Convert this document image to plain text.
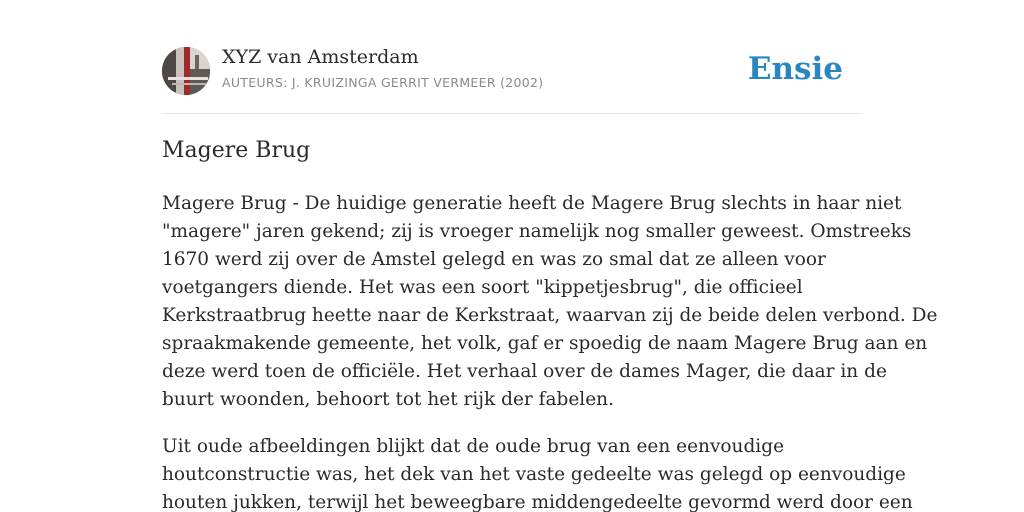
XYZ van Amsterdam
AUTEURS: J. KRUIZINGA GERRIT VERMEER (2002)	Ensie
Magere Brug

Magere Brug - De huidige generatie heeft de Magere Brug slechts in haar niet
"magere" jaren gekend; zij is vroeger namelijk nog smaller geweest. Omstreeks
1670 werd zij over de Amstel gelegd en was zo smal dat ze alleen voor
voetgangers diende. Het was een soort "kippetjesbrug", die officieel
Kerkstraatbrug heette naar de Kerkstraat, waarvan zij de beide delen verbond. De
spraakmakende gemeente, het volk, gaf er spoedig de naam Magere Brug aan en
deze werd toen de officiële. Het verhaal over de dames Mager, die daar in de
buurt woonden, behoort tot het rijk der fabelen.

Uit oude afbeeldingen blijkt dat de oude brug van een eenvoudige
houtconstructie was, het dek van het vaste gedeelte was gelegd op eenvoudige
houten jukken, terwijl het beweegbare middengedeelte gevormd werd door een
